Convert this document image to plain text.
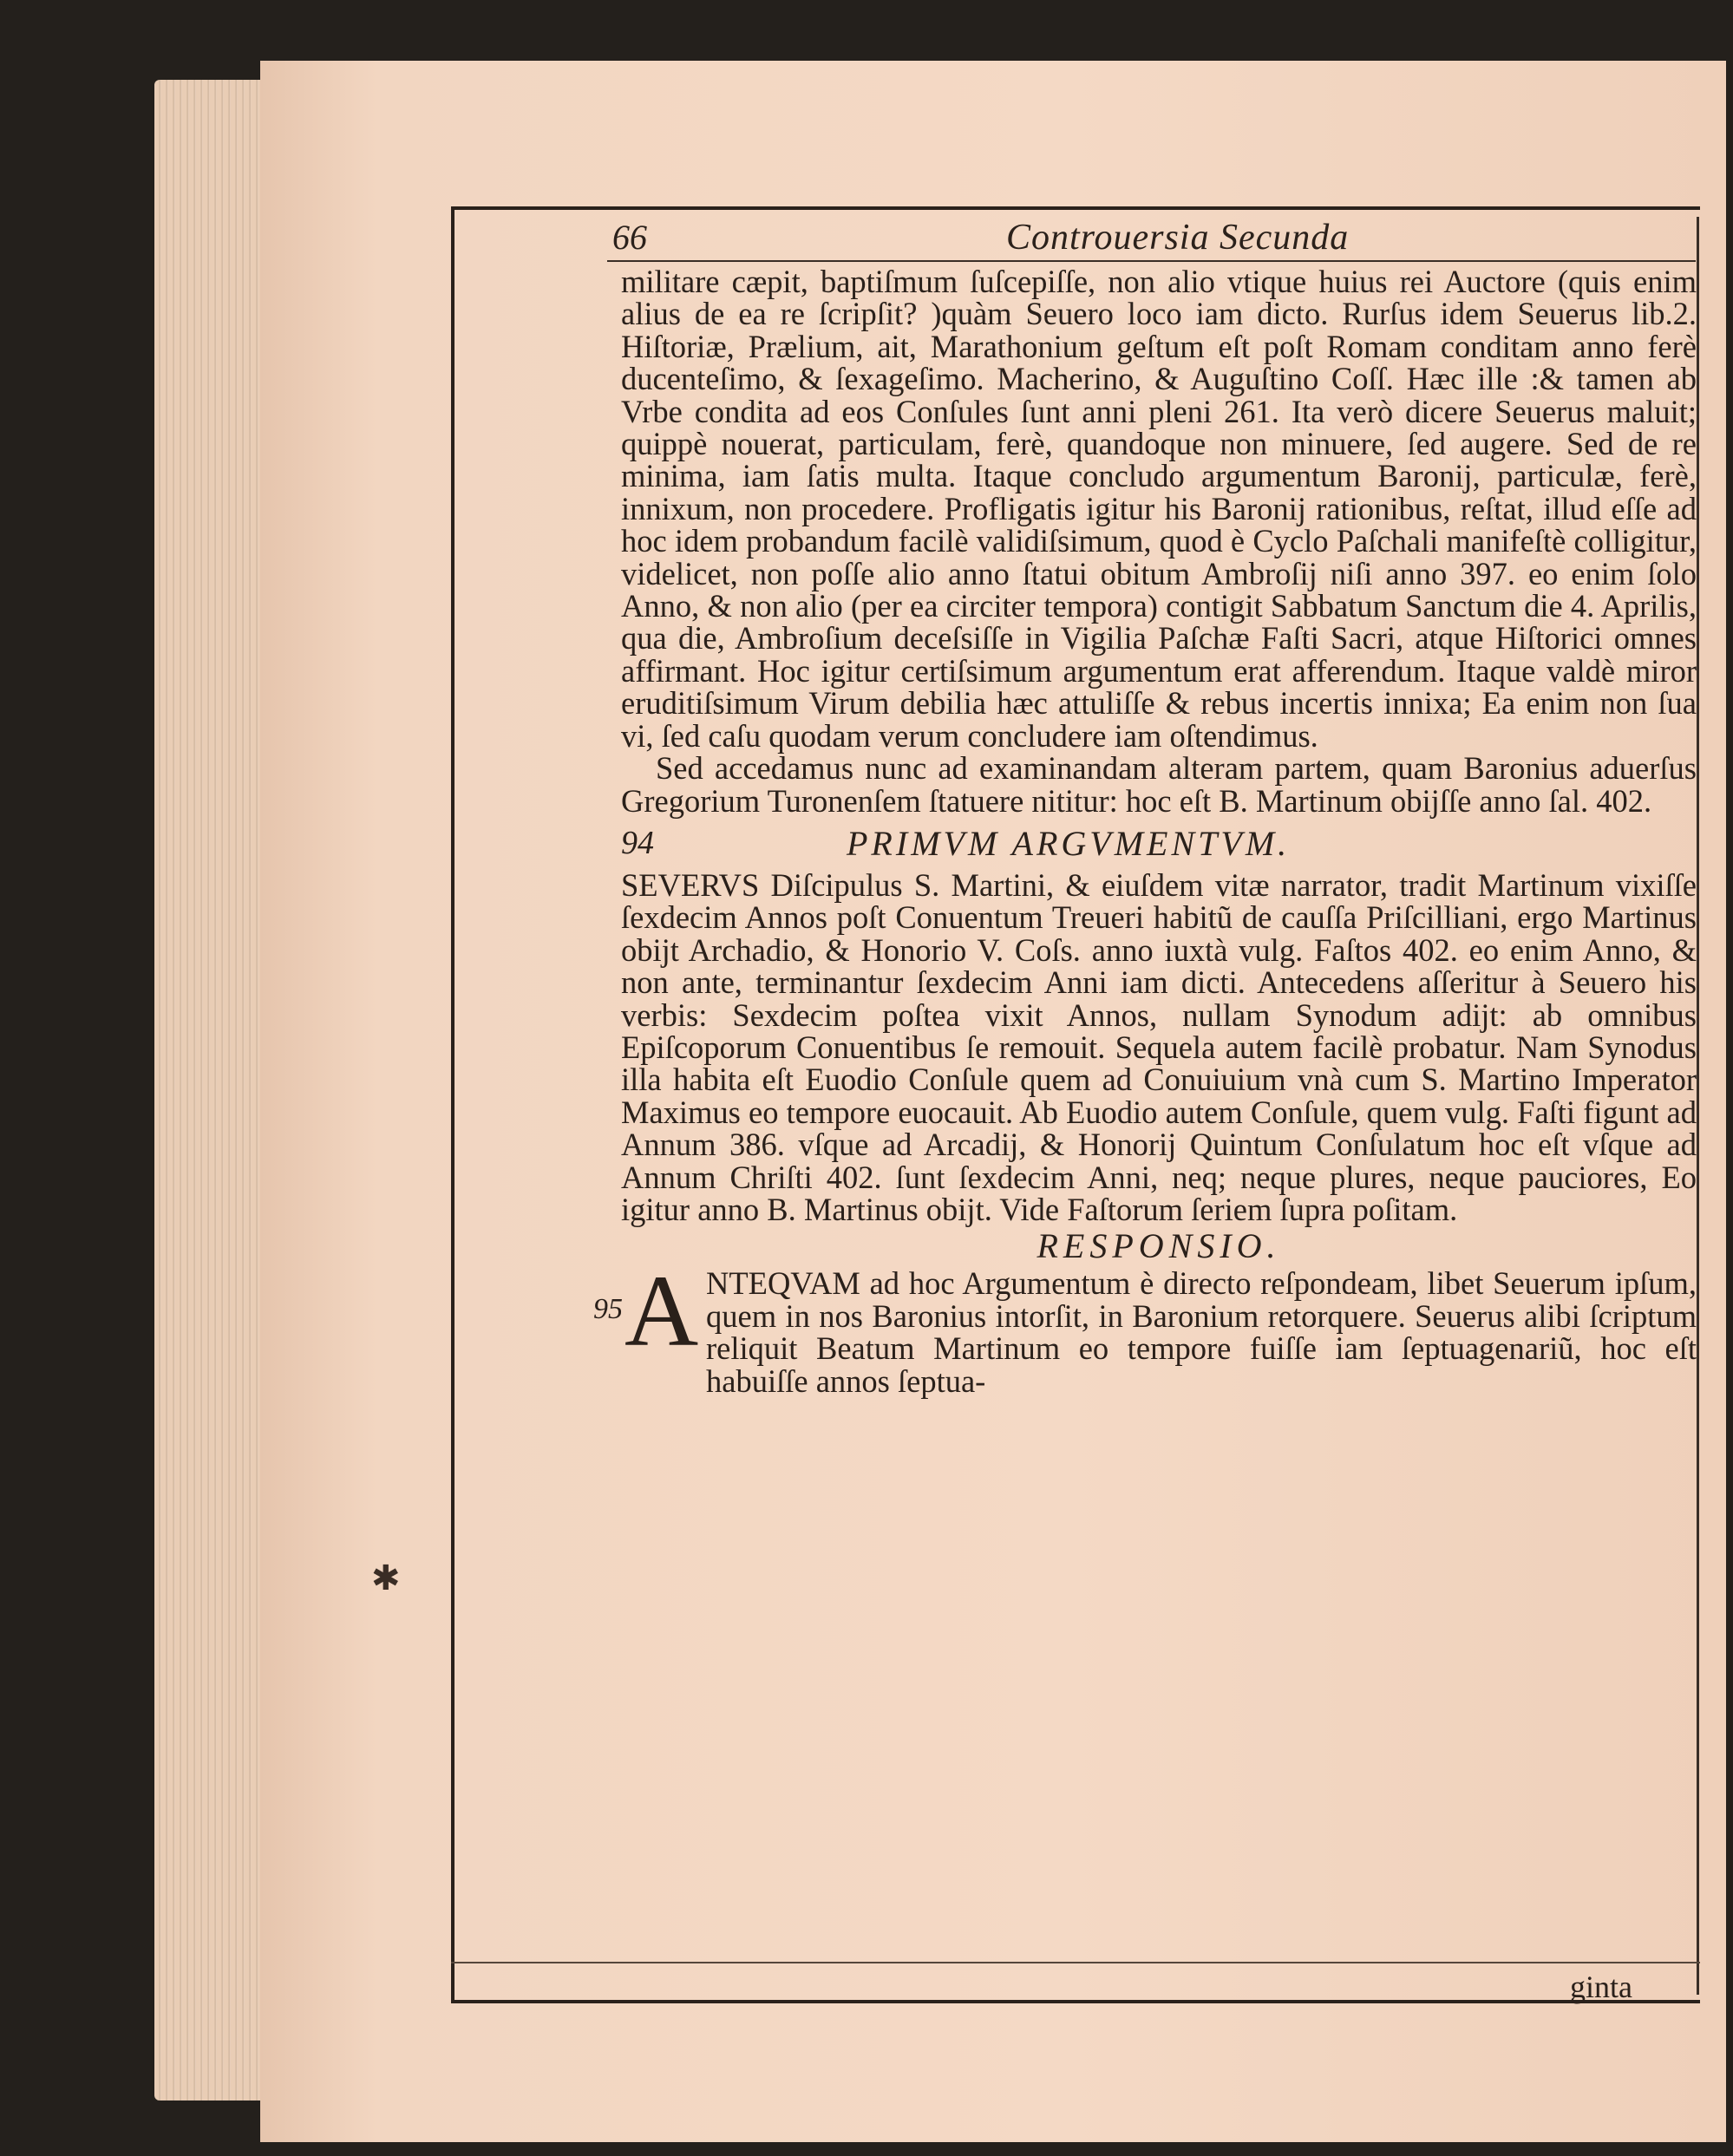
66	Controuersia Secunda
✱

militare cæpit, baptiſmum ſuſcepiſſe, non alio vtique huius rei Auctore (quis enim alius de ea re ſcripſit? )quàm Seuero loco iam dicto. Rurſus idem Seuerus lib.2. Hiſtoriæ, Prælium, ait, Marathonium geſtum eſt poſt Romam conditam anno ferè ducenteſimo, & ſexageſimo. Macherino, & Auguſtino Coſſ. Hæc ille :& tamen ab Vrbe condita ad eos Conſules ſunt anni pleni 261. Ita verò dicere Seuerus maluit; quippè nouerat, particulam, ferè, quandoque non minuere, ſed augere. Sed de re minima, iam ſatis multa. Itaque concludo argumentum Baronij, particulæ, ferè, innixum, non procedere. Profligatis igitur his Baronij rationibus, reſtat, illud eſſe ad hoc idem probandum facilè validiſsimum, quod è Cyclo Paſchali manifeſtè colligitur, videlicet, non poſſe alio anno ſtatui obitum Ambroſij niſi anno 397. eo enim ſolo Anno, & non alio (per ea circiter tempora) contigit Sabbatum Sanctum die 4. Aprilis, qua die, Ambroſium deceſsiſſe in Vigilia Paſchæ Faſti Sacri, atque Hiſtorici omnes affirmant. Hoc igitur certiſsimum argumentum erat afferendum. Itaque valdè miror eruditiſsimum Virum debilia hæc attuliſſe & rebus incertis innixa; Ea enim non ſua vi, ſed caſu quodam verum concludere iam oſtendimus.

Sed accedamus nunc ad examinandam alteram partem, quam Baronius aduerſus Gregorium Turonenſem ſtatuere nititur: hoc eſt B. Martinum obijſſe anno ſal. 402.

94	PRIMVM ARGVMENTVM.

SEVERVS Diſcipulus S. Martini, & eiuſdem vitæ narrator, tradit Martinum vixiſſe ſexdecim Annos poſt Conuentum Treueri habitũ de cauſſa Priſcilliani, ergo Martinus obijt Archadio, & Honorio V. Coſs. anno iuxtà vulg. Faſtos 402. eo enim Anno, & non ante, terminantur ſexdecim Anni iam dicti. Antecedens aſſeritur à Seuero his verbis: Sexdecim poſtea vixit Annos, nullam Synodum adijt: ab omnibus Epiſcoporum Conuentibus ſe remouit. Sequela autem facilè probatur. Nam Synodus illa habita eſt Euodio Conſule quem ad Conuiuium vnà cum S. Martino Imperator Maximus eo tempore euocauit. Ab Euodio autem Conſule, quem vulg. Faſti figunt ad Annum 386. vſque ad Arcadij, & Honorij Quintum Conſulatum hoc eſt vſque ad Annum Chriſti 402. ſunt ſexdecim Anni, neq; neque plures, neque pauciores, Eo igitur anno B. Martinus obijt. Vide Faſtorum ſeriem ſupra poſitam.

RESPONSIO.
95 A NTEQVAM ad hoc Argumentum è directo reſpondeam, libet Seuerum ipſum, quem in nos Baronius intorſit, in Baronium retorquere. Seuerus alibi ſcriptum reliquit Beatum Martinum eo tempore fuiſſe iam ſeptuagenariũ, hoc eſt habuiſſe annos ſeptua-

ginta
